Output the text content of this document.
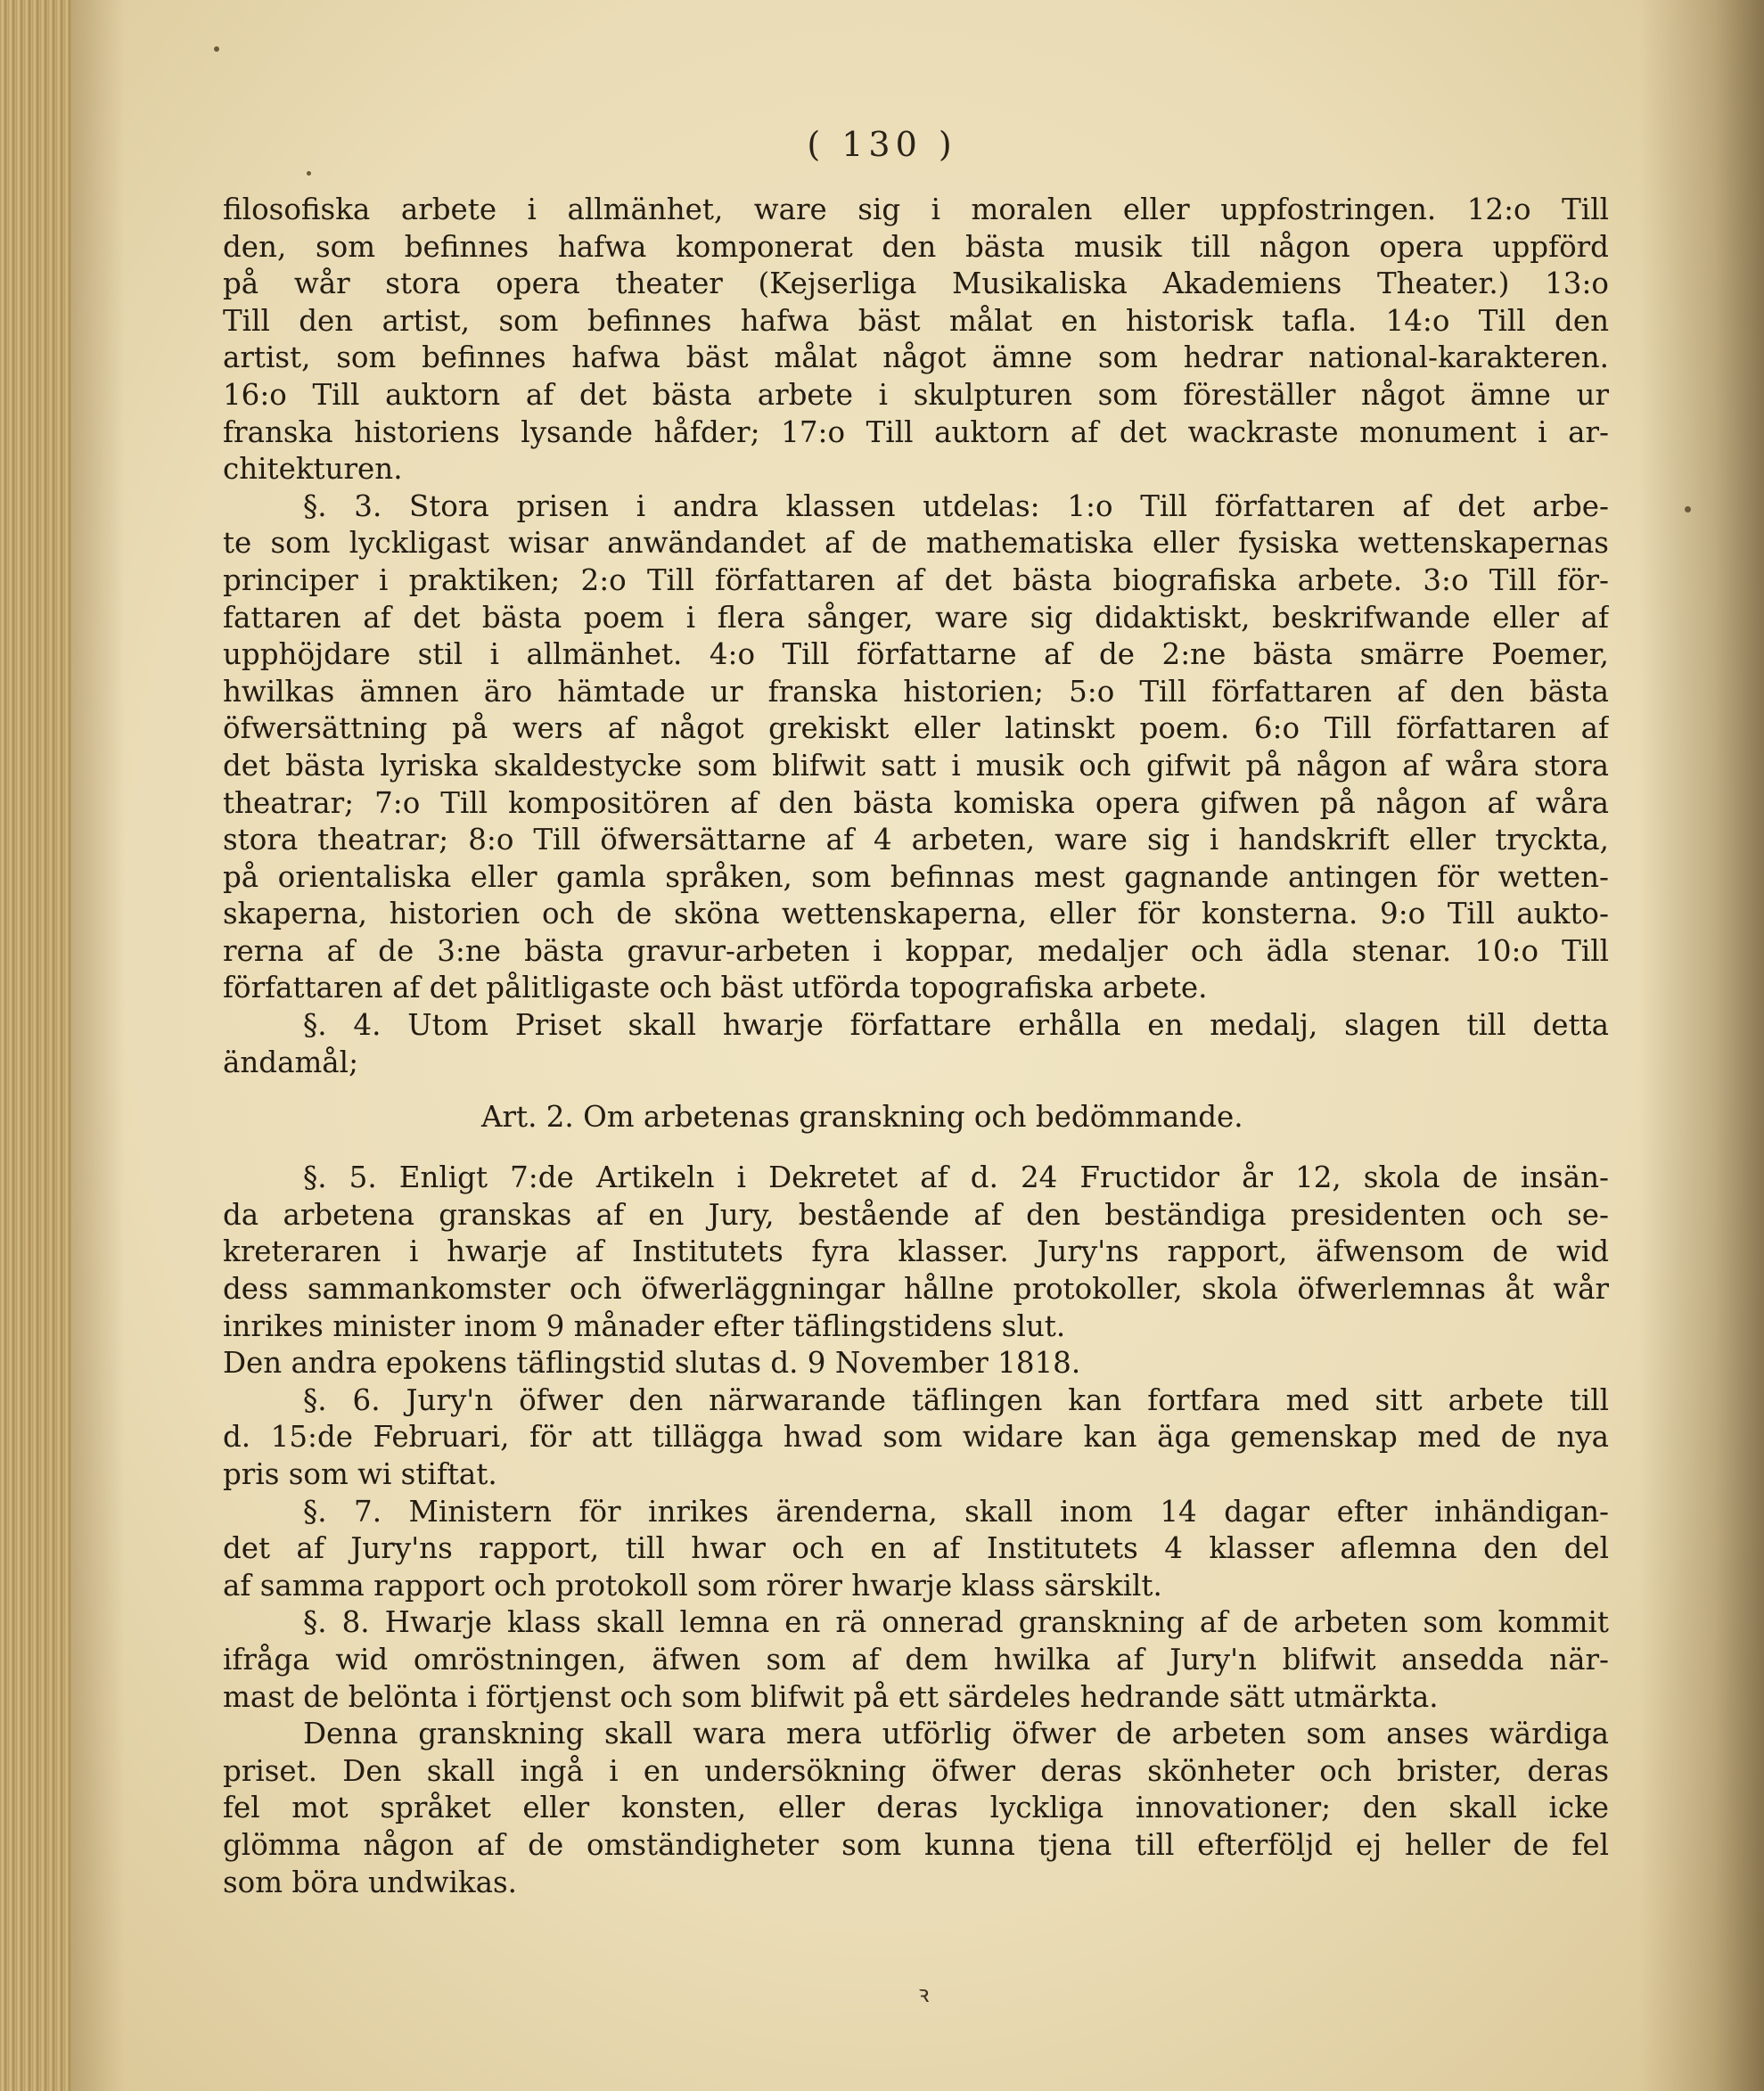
( 130 )
filosofiska arbete i allmänhet, ware sig i moralen eller uppfostringen. 12:o Till
den, som befinnes hafwa komponerat den bästa musik till någon opera uppförd
på wår stora opera theater (Kejserliga Musikaliska Akademiens Theater.) 13:o
Till den artist, som befinnes hafwa bäst målat en historisk tafla. 14:o Till den
artist, som befinnes hafwa bäst målat något ämne som hedrar national-karakteren.
16:o Till auktorn af det bästa arbete i skulpturen som föreställer något ämne ur
franska historiens lysande håfder; 17:o Till auktorn af det wackraste monument i ar-
chitekturen.
§. 3. Stora prisen i andra klassen utdelas: 1:o Till författaren af det arbe-
te som lyckligast wisar anwändandet af de mathematiska eller fysiska wettenskapernas
principer i praktiken; 2:o Till författaren af det bästa biografiska arbete. 3:o Till för-
fattaren af det bästa poem i flera sånger, ware sig didaktiskt, beskrifwande eller af
upphöjdare stil i allmänhet. 4:o Till författarne af de 2:ne bästa smärre Poemer,
hwilkas ämnen äro hämtade ur franska historien; 5:o Till författaren af den bästa
öfwersättning på wers af något grekiskt eller latinskt poem. 6:o Till författaren af
det bästa lyriska skaldestycke som blifwit satt i musik och gifwit på någon af wåra stora
theatrar; 7:o Till kompositören af den bästa komiska opera gifwen på någon af wåra
stora theatrar; 8:o Till öfwersättarne af 4 arbeten, ware sig i handskrift eller tryckta,
på orientaliska eller gamla språken, som befinnas mest gagnande antingen för wetten-
skaperna, historien och de sköna wettenskaperna, eller för konsterna. 9:o Till aukto-
rerna af de 3:ne bästa gravur-arbeten i koppar, medaljer och ädla stenar. 10:o Till
författaren af det pålitligaste och bäst utförda topografiska arbete.
§. 4. Utom Priset skall hwarje författare erhålla en medalj, slagen till detta
ändamål;
Art. 2. Om arbetenas granskning och bedömmande.
§. 5. Enligt 7:de Artikeln i Dekretet af d. 24 Fructidor år 12, skola de insän-
da arbetena granskas af en Jury, bestående af den beständiga presidenten och se-
kreteraren i hwarje af Institutets fyra klasser. Jury'ns rapport, äfwensom de wid
dess sammankomster och öfwerläggningar hållne protokoller, skola öfwerlemnas åt wår
inrikes minister inom 9 månader efter täflingstidens slut.
Den andra epokens täflingstid slutas d. 9 November 1818.
§. 6. Jury'n öfwer den närwarande täflingen kan fortfara med sitt arbete till
d. 15:de Februari, för att tillägga hwad som widare kan äga gemenskap med de nya
pris som wi stiftat.
§. 7. Ministern för inrikes ärenderna, skall inom 14 dagar efter inhändigan-
det af Jury'ns rapport, till hwar och en af Institutets 4 klasser aflemna den del
af samma rapport och protokoll som rörer hwarje klass särskilt.
§. 8. Hwarje klass skall lemna en rä onnerad granskning af de arbeten som kommit
ifråga wid omröstningen, äfwen som af dem hwilka af Jury'n blifwit ansedda när-
mast de belönta i förtjenst och som blifwit på ett särdeles hedrande sätt utmärkta.
Denna granskning skall wara mera utförlig öfwer de arbeten som anses wärdiga
priset. Den skall ingå i en undersökning öfwer deras skönheter och brister, deras
fel mot språket eller konsten, eller deras lyckliga innovationer; den skall icke
glömma någon af de omständigheter som kunna tjena till efterföljd ej heller de fel
som böra undwikas.
ꝛ
